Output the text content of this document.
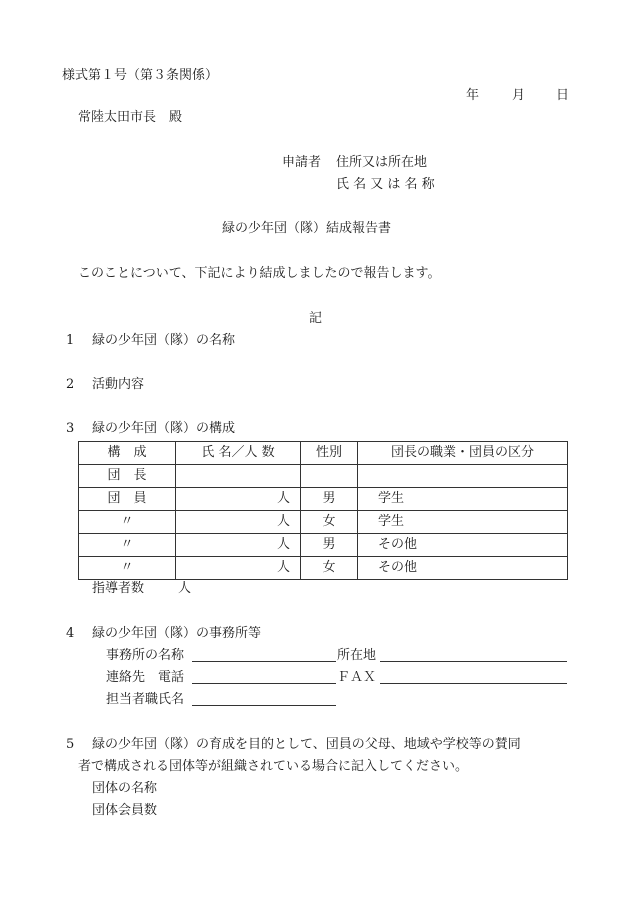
様式第１号（第３条関係）
年	月 日
常陸太田市長　殿
申請者 住所又は所在地
氏 名 又 は 名 称
緑の少年団（隊）結成報告書
このことについて、下記により結成しましたので報告します。
記
1 緑の少年団（隊）の名称
2 活動内容
3 緑の少年団（隊）の構成
構　成	氏 名／人 数	性別	団長の職業・団員の区分
団　長			
団　員	人	男	学生
〃	人	女	学生
〃	人	男	その他
〃	人	女	その他
指導者数	人
4 緑の少年団（隊）の事務所等
事務所の名称	所在地
連絡先　電話	ＦＡＸ
担当者職氏名
5 緑の少年団（隊）の育成を目的として、団員の父母、地域や学校等の賛同
者で構成される団体等が組織されている場合に記入してください。
団体の名称
団体会員数
